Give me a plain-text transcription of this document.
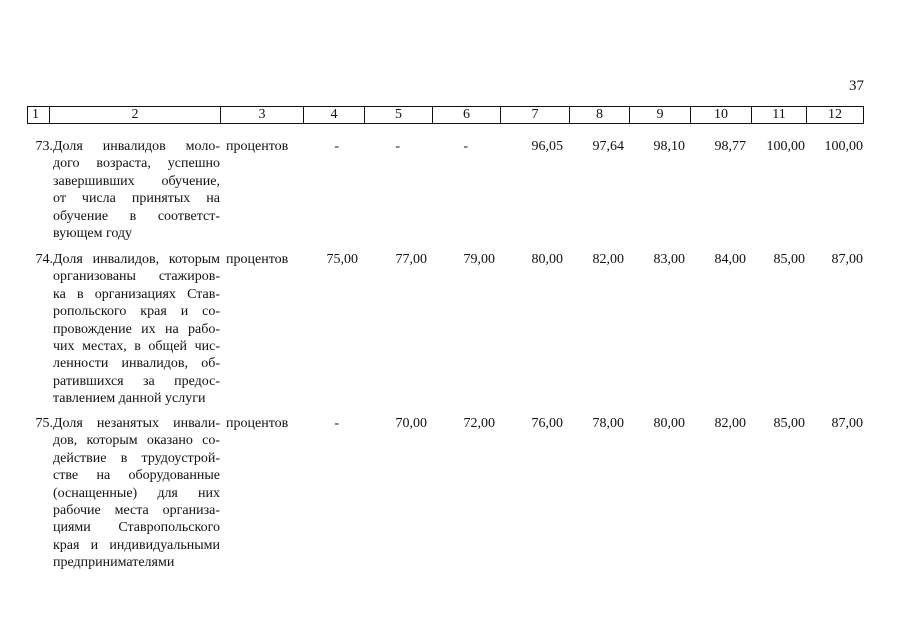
37
1	2	3	4	5	6	7	8	9	10	11	12
73. Доля инвалидов моло-
дого возраста, успешно
завершивших обучение,
от числа принятых на
обучение в соответст-
вующем году
процентов	-	-	-	96,05	97,64	98,10	98,77	100,00	100,00
74. Доля инвалидов, которым
организованы стажиров-
ка в организациях Став-
ропольского края и со-
провождение их на рабо-
чих местах, в общей чис-
ленности инвалидов, об-
ратившихся за предос-
тавлением данной услуги
процентов	75,00	77,00	79,00	80,00	82,00	83,00	84,00	85,00	87,00
75. Доля незанятых инвали-
дов, которым оказано со-
действие в трудоустрой-
стве на оборудованные
(оснащенные) для них
рабочие места организа-
циями Ставропольского
края и индивидуальными
предпринимателями
процентов	-	70,00	72,00	76,00	78,00	80,00	82,00	85,00	87,00
